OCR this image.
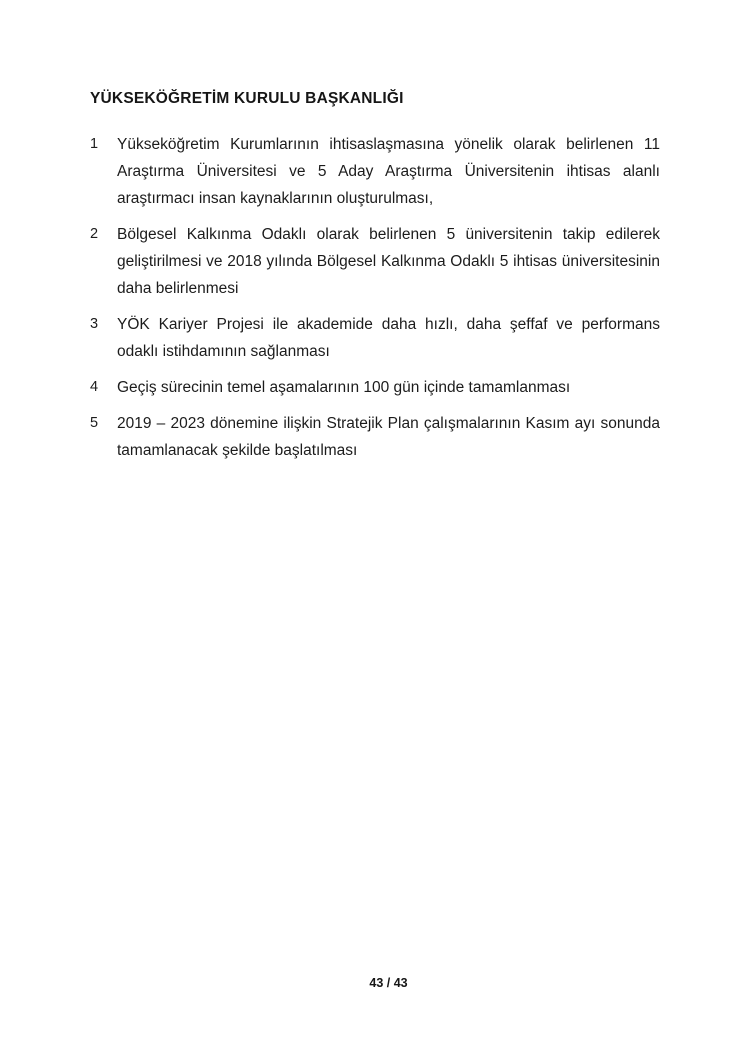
YÜKSEKÖĞRETİM KURULU BAŞKANLIĞI
1	Yükseköğretim Kurumlarının ihtisaslaşmasına yönelik olarak belirlenen 11 Araştırma Üniversitesi ve 5 Aday Araştırma Üniversitenin ihtisas alanlı araştırmacı insan kaynaklarının oluşturulması,
2	Bölgesel Kalkınma Odaklı olarak belirlenen 5 üniversitenin takip edilerek geliştirilmesi ve 2018 yılında Bölgesel Kalkınma Odaklı 5 ihtisas üniversitesinin daha belirlenmesi
3	YÖK Kariyer Projesi ile akademide daha hızlı, daha şeffaf ve performans odaklı istihdamının sağlanması
4	Geçiş sürecinin temel aşamalarının 100 gün içinde tamamlanması
5	2019 – 2023 dönemine ilişkin Stratejik Plan çalışmalarının Kasım ayı sonunda tamamlanacak şekilde başlatılması
43 / 43
